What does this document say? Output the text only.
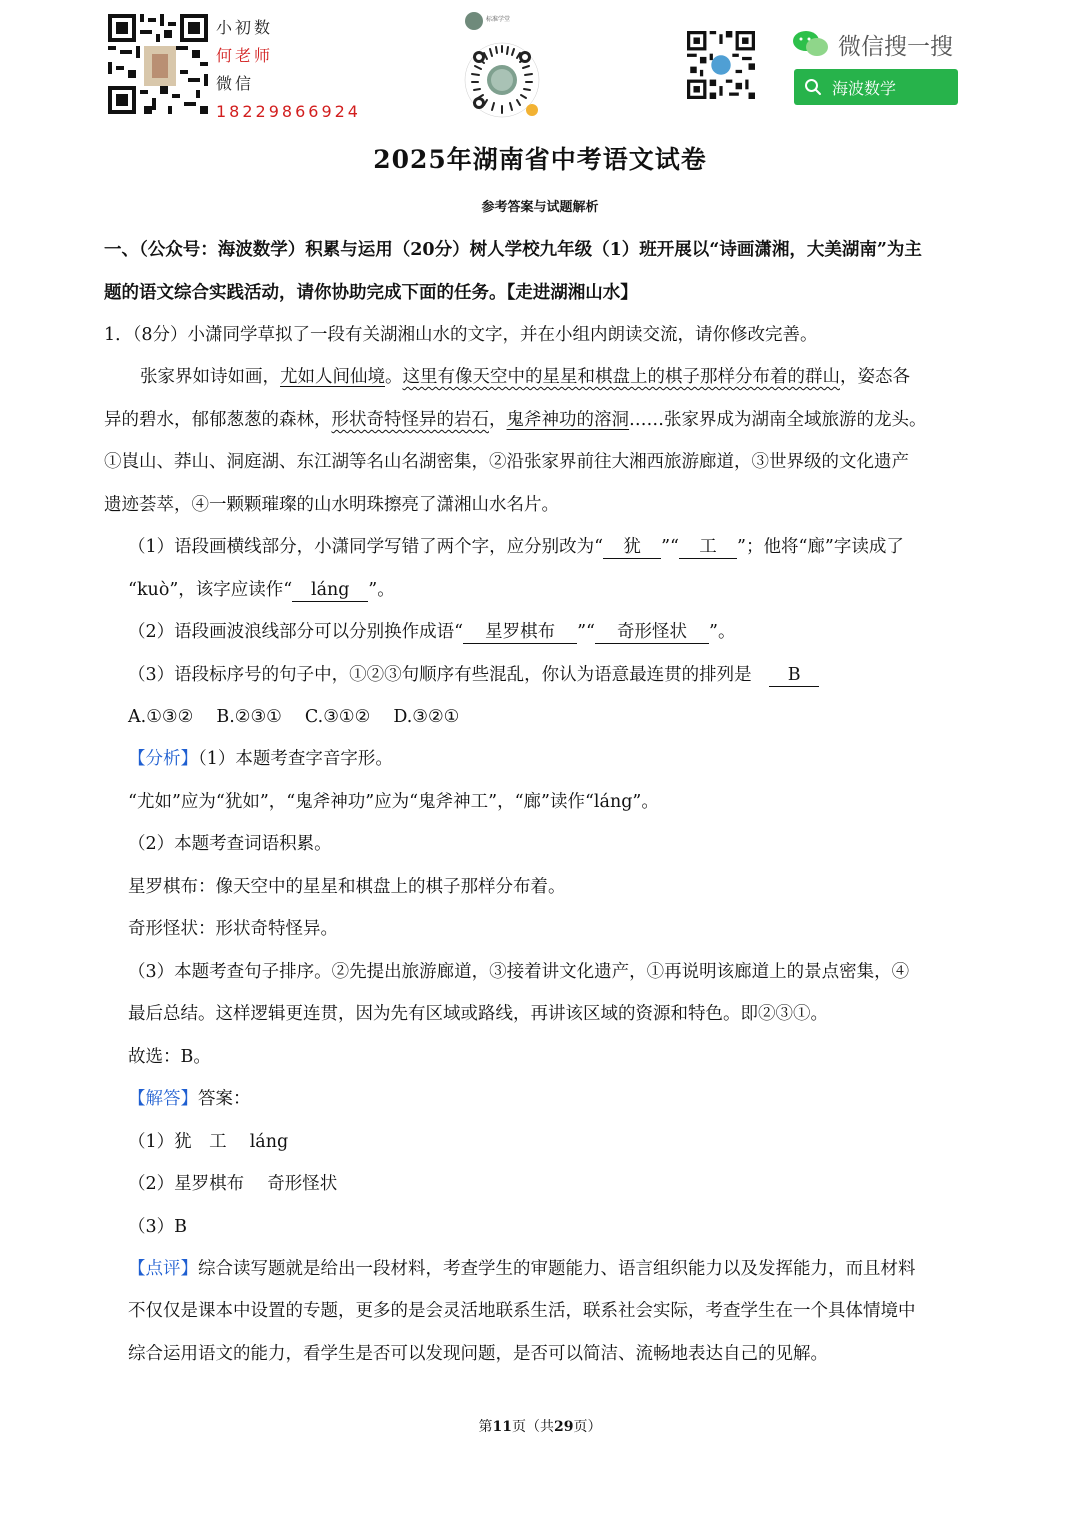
小初数
何老师
微信
18229866924
标准学堂
微信搜一搜
海波数学
2025年湖南省中考语文试卷
参考答案与试题解析
一、（公众号：海波数学）积累与运用（20分）树人学校九年级（1）班开展以“诗画潇湘，大美湖南”为主
题的语文综合实践活动，请你协助完成下面的任务。【走进湖湘山水】
1．（8分）小潇同学草拟了一段有关湖湘山水的文字，并在小组内朗读交流，请你修改完善。
张家界如诗如画，尤如人间仙境。这里有像天空中的星星和棋盘上的棋子那样分布着的群山，姿态各
异的碧水，郁郁葱葱的森林，形状奇特怪异的岩石，鬼斧神功的溶洞……张家界成为湖南全域旅游的龙头。
①崀山、莽山、洞庭湖、东江湖等名山名湖密集，②沿张家界前往大湘西旅游廊道，③世界级的文化遗产
遗迹荟萃，④一颗颗璀璨的山水明珠擦亮了潇湘山水名片。
（1）语段画横线部分，小潇同学写错了两个字，应分别改为“ 犹 ”“ 工 ”；他将“廊”字读成了
“kuò”，该字应读作“ láng ”。
（2）语段画波浪线部分可以分别换作成语“ 星罗棋布 ”“ 奇形怪状 ”。
（3）语段标序号的句子中，①②③句顺序有些混乱，你认为语意最连贯的排列是　 B
A.①③②　 B.②③①　 C.③①②　 D.③②①
【分析】（1）本题考查字音字形。
“尤如”应为“犹如”，“鬼斧神功”应为“鬼斧神工”，“廊”读作“láng”。
（2）本题考查词语积累。
星罗棋布：像天空中的星星和棋盘上的棋子那样分布着。
奇形怪状：形状奇特怪异。
（3）本题考查句子排序。②先提出旅游廊道，③接着讲文化遗产，①再说明该廊道上的景点密集，④
最后总结。这样逻辑更连贯，因为先有区域或路线，再讲该区域的资源和特色。即②③①。
故选：B。
【解答】答案：
（1）犹　工　 láng
（2）星罗棋布　 奇形怪状
（3）B
【点评】综合读写题就是给出一段材料，考查学生的审题能力、语言组织能力以及发挥能力，而且材料
不仅仅是课本中设置的专题，更多的是会灵活地联系生活，联系社会实际，考查学生在一个具体情境中
综合运用语文的能力，看学生是否可以发现问题，是否可以简洁、流畅地表达自己的见解。
第11页（共29页）
